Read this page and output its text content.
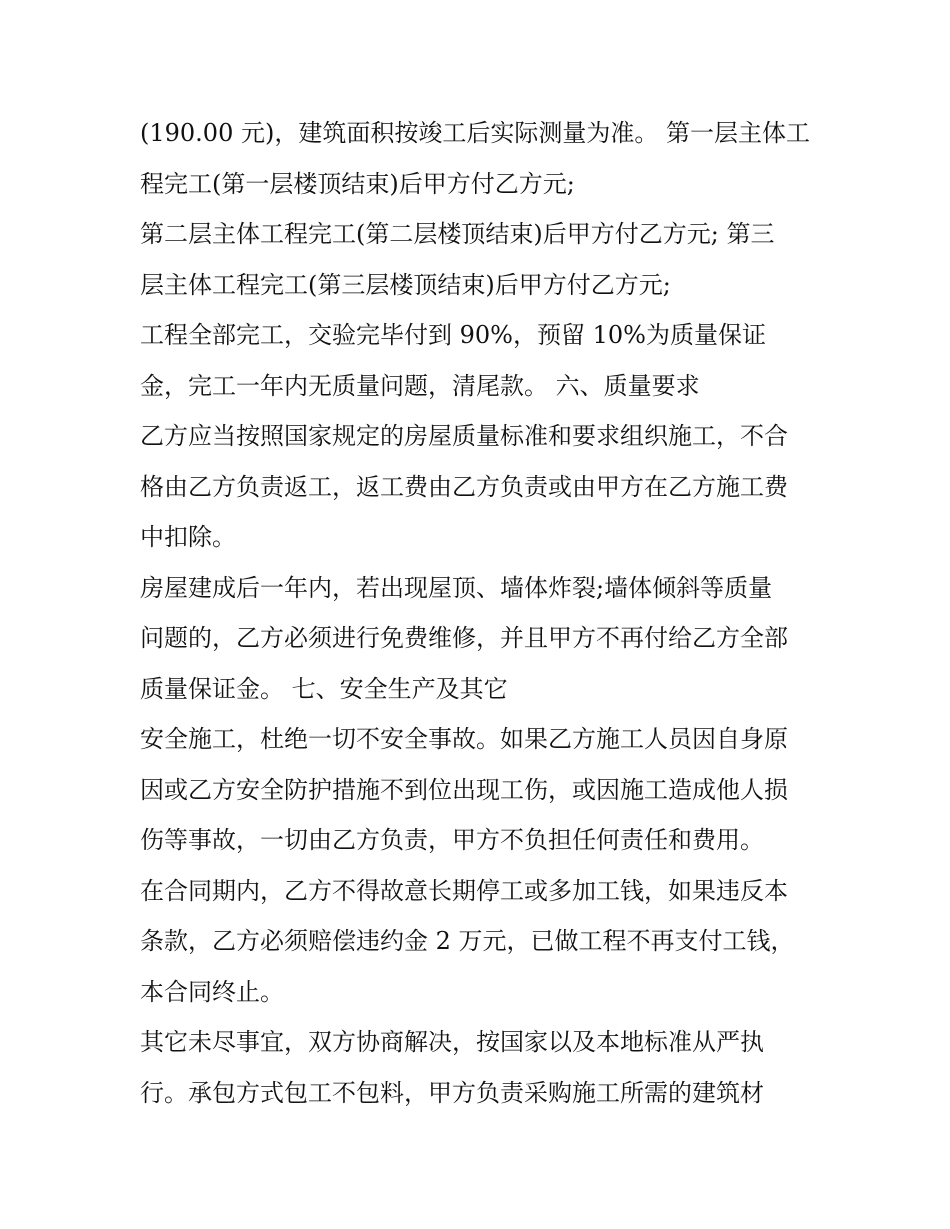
(190.00 元)，建筑面积按竣工后实际测量为准。 第一层主体工
程完工(第一层楼顶结束)后甲方付乙方元;
第二层主体工程完工(第二层楼顶结束)后甲方付乙方元; 第三
层主体工程完工(第三层楼顶结束)后甲方付乙方元;
工程全部完工，交验完毕付到 90%，预留 10%为质量保证
金，完工一年内无质量问题，清尾款。 六、质量要求
乙方应当按照国家规定的房屋质量标准和要求组织施工，不合
格由乙方负责返工，返工费由乙方负责或由甲方在乙方施工费
中扣除。
房屋建成后一年内，若出现屋顶、墙体炸裂;墙体倾斜等质量
问题的，乙方必须进行免费维修，并且甲方不再付给乙方全部
质量保证金。 七、安全生产及其它
安全施工，杜绝一切不安全事故。如果乙方施工人员因自身原
因或乙方安全防护措施不到位出现工伤，或因施工造成他人损
伤等事故，一切由乙方负责，甲方不负担任何责任和费用。
在合同期内，乙方不得故意长期停工或多加工钱，如果违反本
条款，乙方必须赔偿违约金 2 万元，已做工程不再支付工钱，
本合同终止。
其它未尽事宜，双方协商解决，按国家以及本地标准从严执
行。承包方式包工不包料，甲方负责采购施工所需的建筑材
